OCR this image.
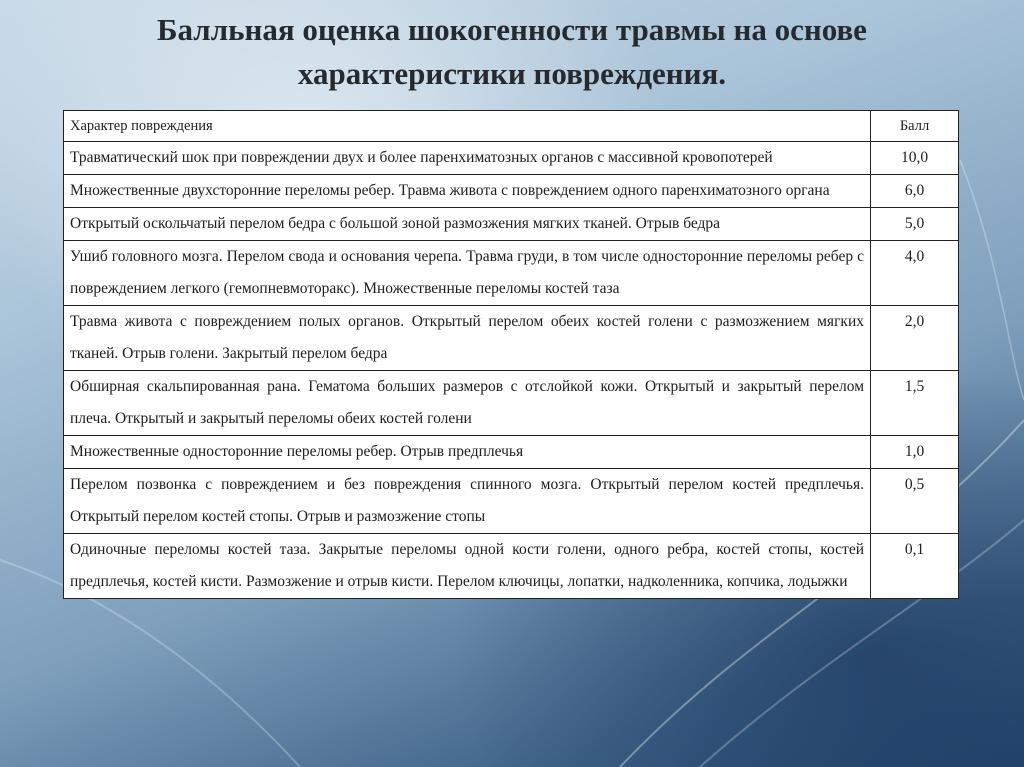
Балльная оценка шокогенности травмы на основе
характеристики повреждения.
Характер повреждения	Балл
Травматический шок при повреждении двух и более паренхиматозных органов с массивной кровопотерей	10,0
Множественные двухсторонние переломы ребер. Травма живота с повреждением одного паренхиматозного органа	6,0
Открытый оскольчатый перелом бедра с большой зоной размозжения мягких тканей. Отрыв бедра	5,0
Ушиб головного мозга. Перелом свода и основания черепа. Травма груди, в том числе односторонние переломы ребер с повреждением легкого (гемопневмоторакс). Множественные переломы костей таза	4,0
Травма живота с повреждением полых органов. Открытый перелом обеих костей голени с размозжением мягких тканей. Отрыв голени. Закрытый перелом бедра	2,0
Обширная скальпированная рана. Гематома больших размеров с отслойкой кожи. Открытый и закрытый перелом плеча. Открытый и закрытый переломы обеих костей голени	1,5
Множественные односторонние переломы ребер. Отрыв предплечья	1,0
Перелом позвонка с повреждением и без повреждения спинного мозга. Открытый перелом костей предплечья. Открытый перелом костей стопы. Отрыв и размозжение стопы	0,5
Одиночные переломы костей таза. Закрытые переломы одной кости голени, одного ребра, костей стопы, костей предплечья, костей кисти. Размозжение и отрыв кисти. Перелом ключицы, лопатки, надколенника, копчика, лодыжки	0,1
